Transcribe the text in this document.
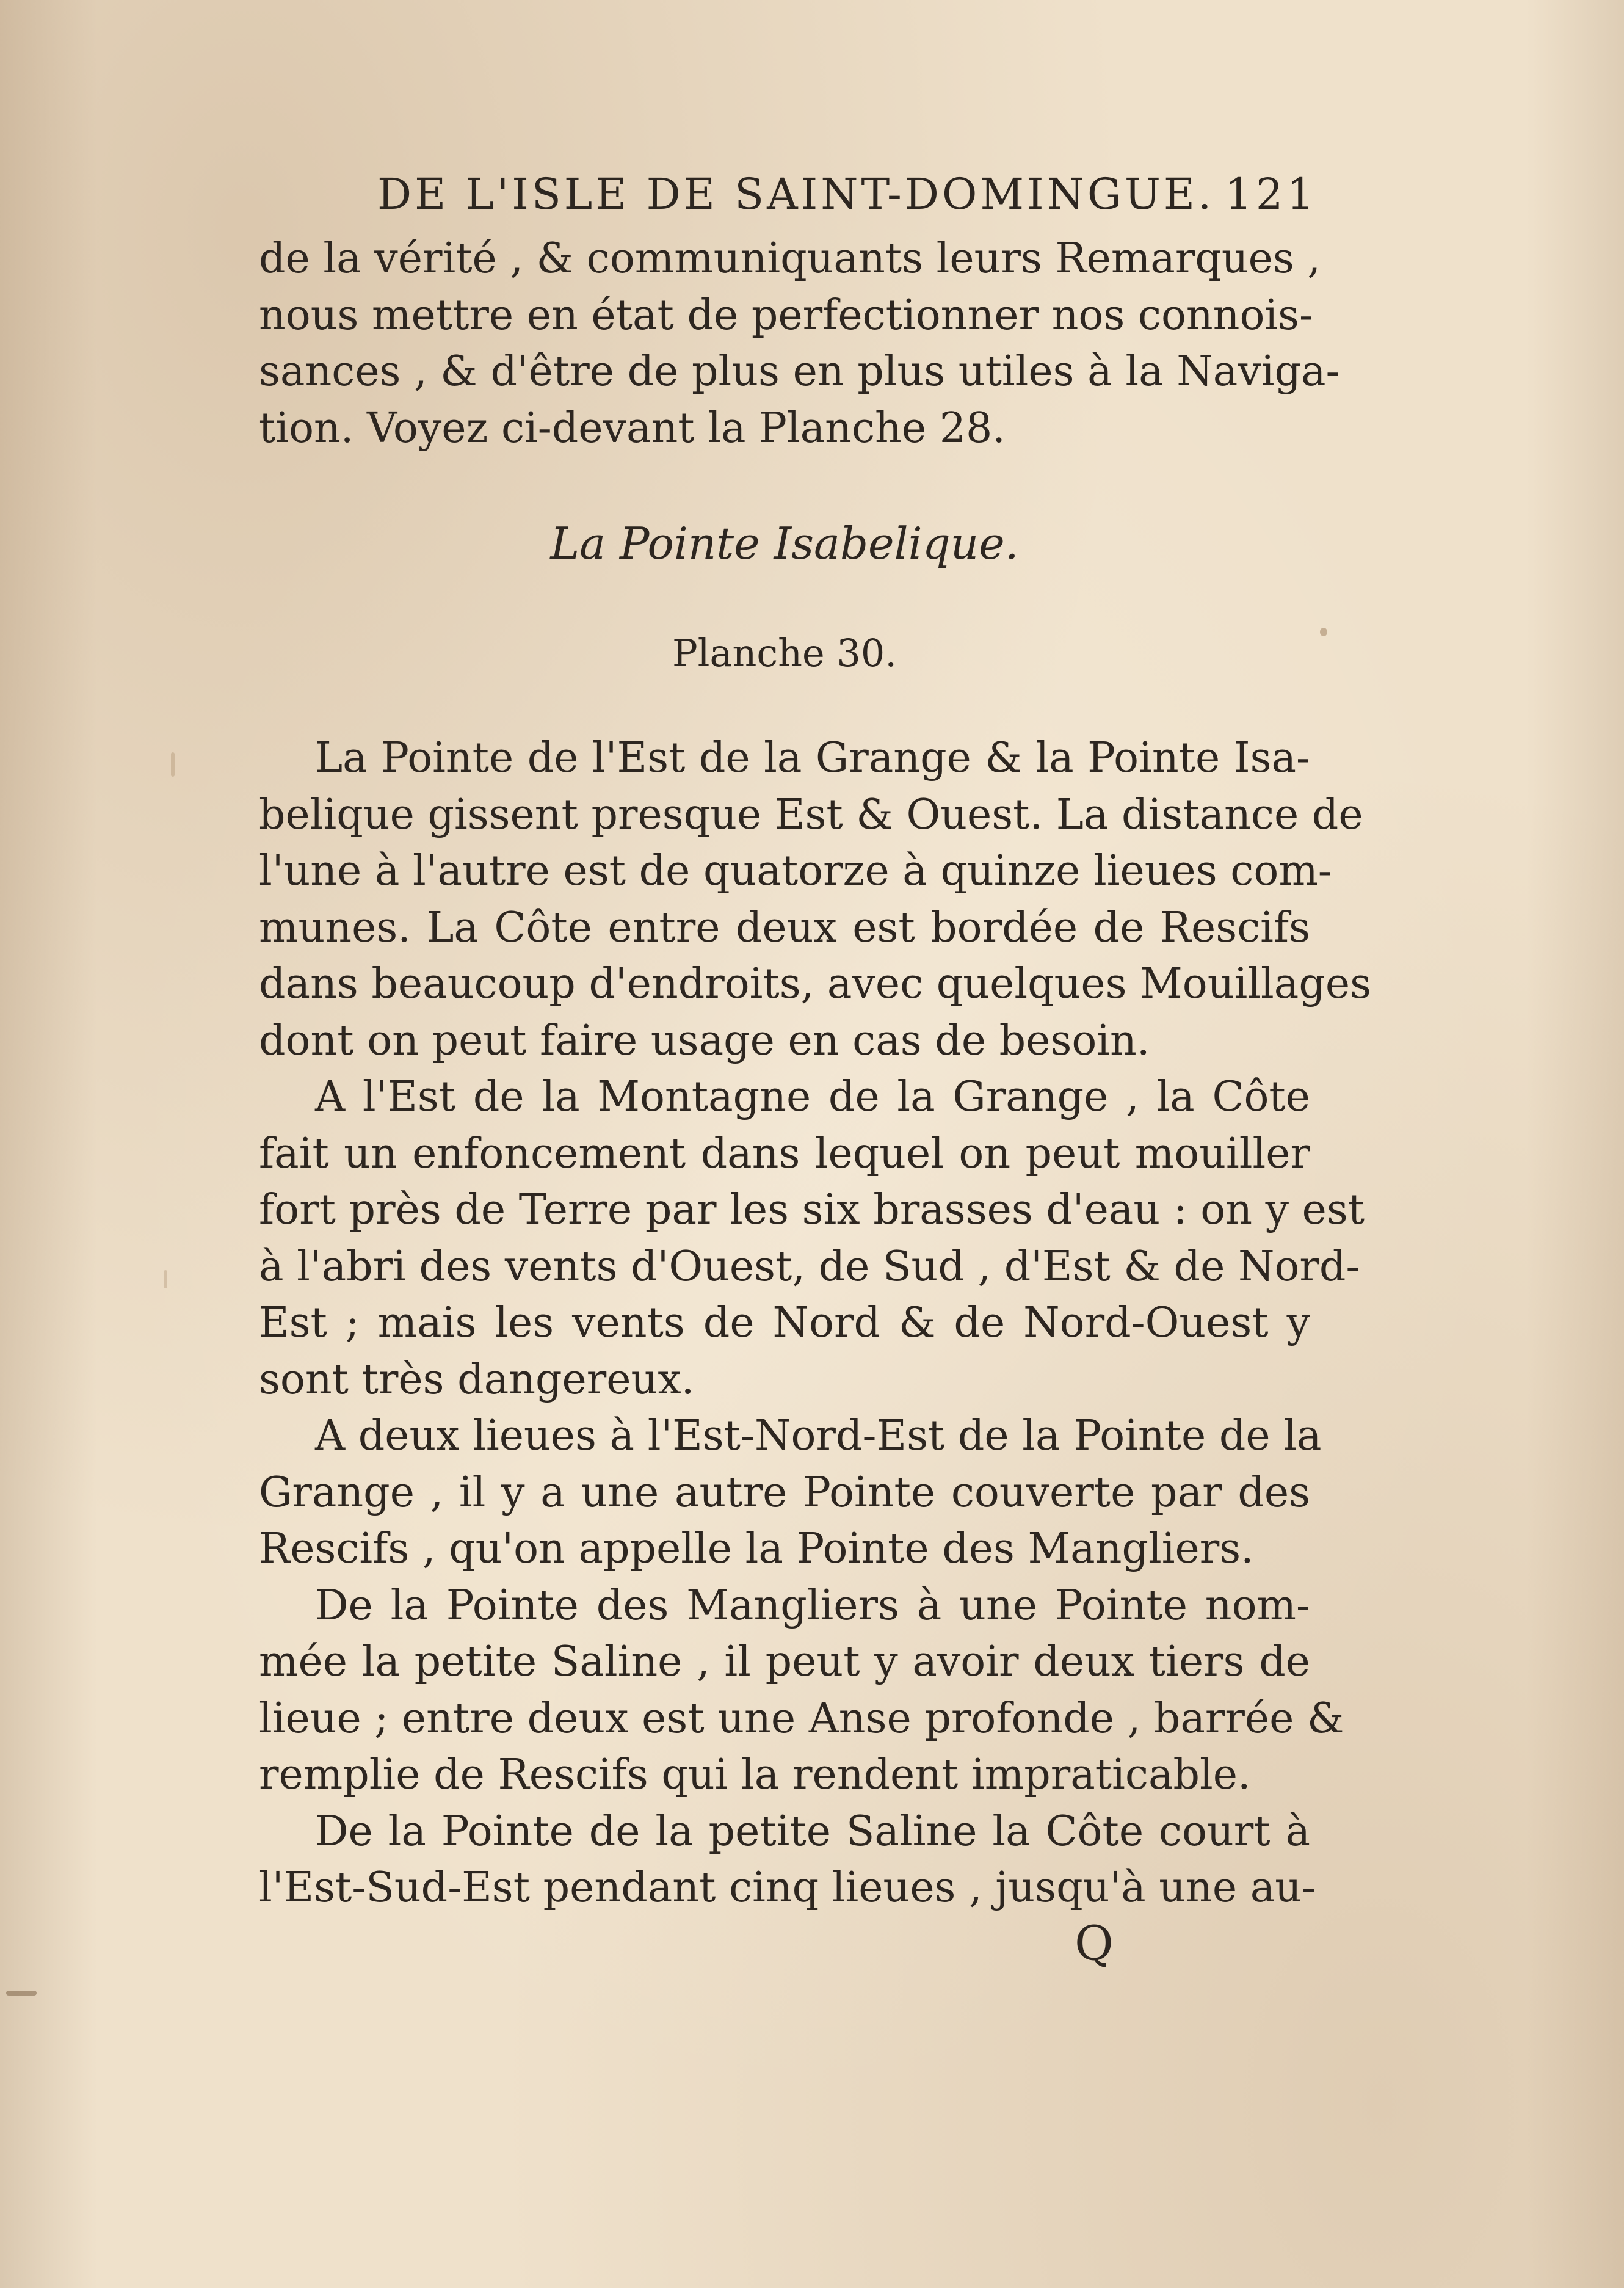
DE L'ISLE DE SAINT-DOMINGUE. 121
de la vérité , & communiquants leurs Remarques ,
nous mettre en état de perfectionner nos connois-
sances , & d'être de plus en plus utiles à la Naviga-
tion. Voyez ci-devant la Planche 28.
La Pointe Isabelique.
Planche 30.
La Pointe de l'Est de la Grange & la Pointe Isa-
belique gissent presque Est & Ouest. La distance de
l'une à l'autre est de quatorze à quinze lieues com-
munes. La Côte entre deux est bordée de Rescifs
dans beaucoup d'endroits, avec quelques Mouillages
dont on peut faire usage en cas de besoin.
A l'Est de la Montagne de la Grange , la Côte
fait un enfoncement dans lequel on peut mouiller
fort près de Terre par les six brasses d'eau : on y est
à l'abri des vents d'Ouest, de Sud , d'Est & de Nord-
Est ; mais les vents de Nord & de Nord-Ouest y
sont très dangereux.
A deux lieues à l'Est-Nord-Est de la Pointe de la
Grange , il y a une autre Pointe couverte par des
Rescifs , qu'on appelle la Pointe des Mangliers.
De la Pointe des Mangliers à une Pointe nom-
mée la petite Saline , il peut y avoir deux tiers de
lieue ; entre deux est une Anse profonde , barrée &
remplie de Rescifs qui la rendent impraticable.
De la Pointe de la petite Saline la Côte court à
l'Est-Sud-Est pendant cinq lieues , jusqu'à une au-
Q
